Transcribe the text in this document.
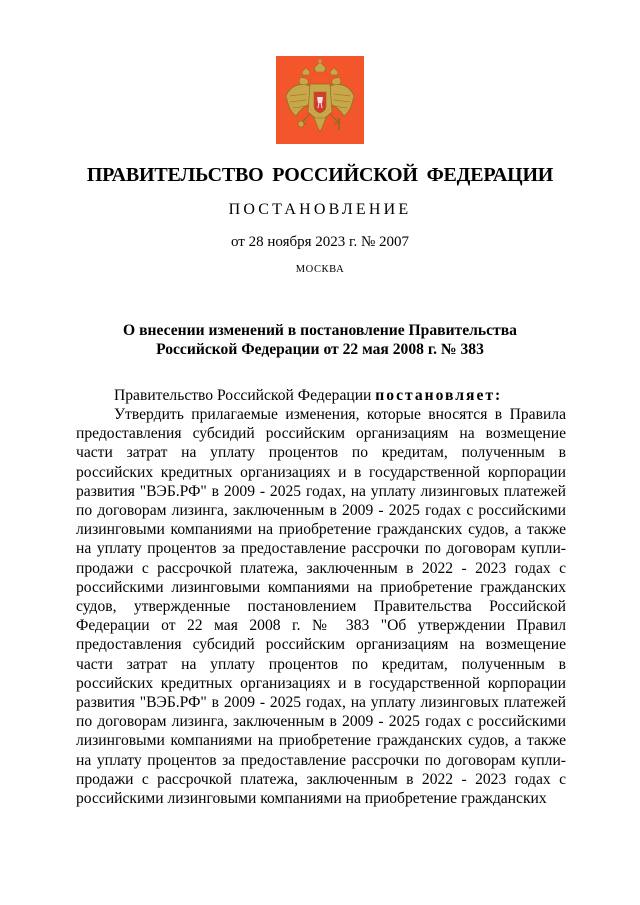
ПРАВИТЕЛЬСТВО РОССИЙСКОЙ ФЕДЕРАЦИИ
ПОСТАНОВЛЕНИЕ
от 28 ноября 2023 г. № 2007
МОСКВА
О внесении изменений в постановление Правительства
Российской Федерации от 22 мая 2008 г. № 383

Правительство Российской Федерации постановляет:

Утвердить прилагаемые изменения, которые вносятся в Правила предоставления субсидий российским организациям на возмещение части затрат на уплату процентов по кредитам, полученным в российских кредитных организациях и в государственной корпорации развития "ВЭБ.РФ" в 2009 - 2025 годах, на уплату лизинговых платежей по договорам лизинга, заключенным в 2009 - 2025 годах с российскими лизинговыми компаниями на приобретение гражданских судов, а также на уплату процентов за предоставление рассрочки по договорам купли-продажи с рассрочкой платежа, заключенным в 2022 - 2023 годах с российскими лизинговыми компаниями на приобретение гражданских судов, утвержденные постановлением Правительства Российской Федерации от 22 мая 2008 г. № 383 "Об утверждении Правил предоставления субсидий российским организациям на возмещение части затрат на уплату процентов по кредитам, полученным в российских кредитных организациях и в государственной корпорации развития "ВЭБ.РФ" в 2009 - 2025 годах, на уплату лизинговых платежей по договорам лизинга, заключенным в 2009 - 2025 годах с российскими лизинговыми компаниями на приобретение гражданских судов, а также на уплату процентов за предоставление рассрочки по договорам купли-продажи с рассрочкой платежа, заключенным в 2022 - 2023 годах с российскими лизинговыми компаниями на приобретение гражданских
